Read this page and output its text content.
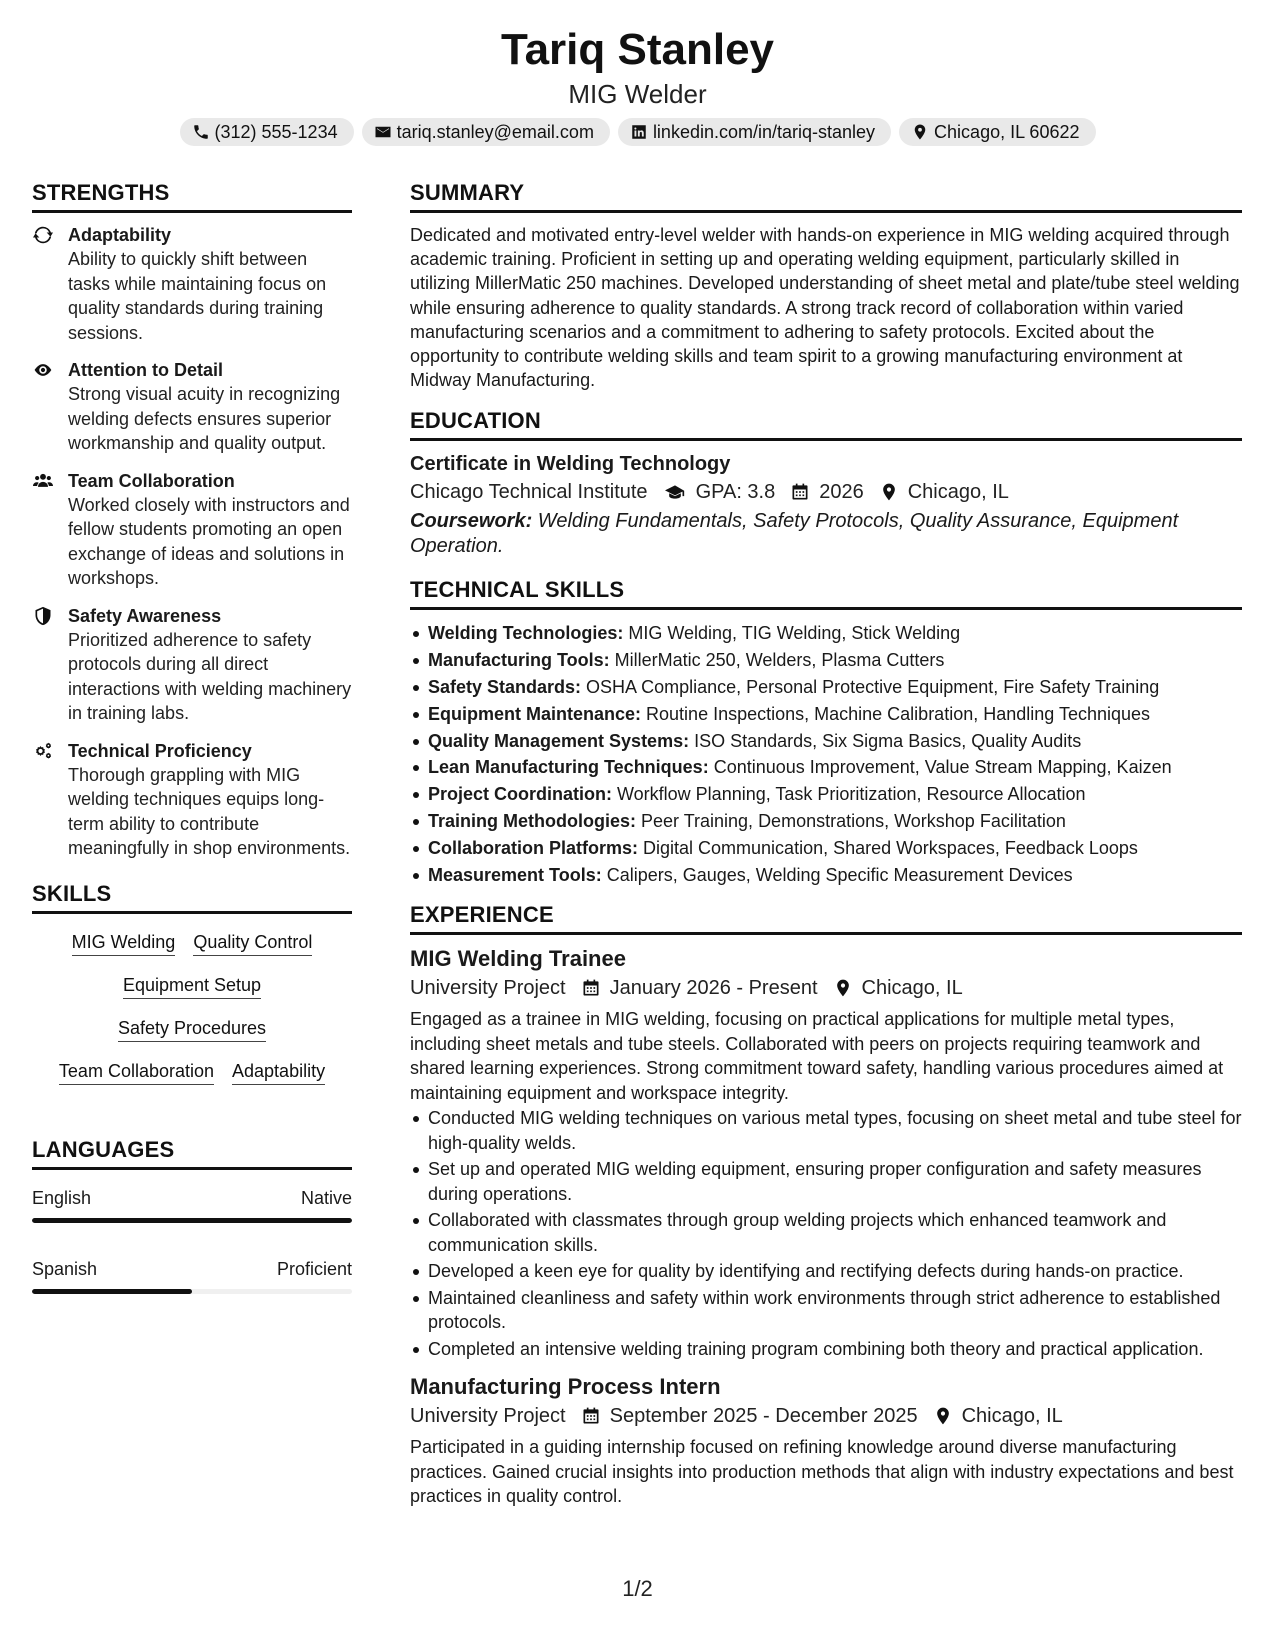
Tariq Stanley
MIG Welder
(312) 555-1234	tariq.stanley@email.com	linkedin.com/in/tariq-stanley	Chicago, IL 60622
STRENGTHS
Adaptability
Ability to quickly shift between tasks while maintaining focus on quality standards during training sessions.
Attention to Detail
Strong visual acuity in recognizing welding defects ensures superior workmanship and quality output.
Team Collaboration
Worked closely with instructors and fellow students promoting an open exchange of ideas and solutions in workshops.
Safety Awareness
Prioritized adherence to safety protocols during all direct interactions with welding machinery in training labs.
Technical Proficiency
Thorough grappling with MIG welding techniques equips long-term ability to contribute meaningfully in shop environments.
SKILLS
MIG Welding Quality Control
Equipment Setup
Safety Procedures
Team Collaboration Adaptability
LANGUAGES
English	Native
Spanish	Proficient
SUMMARY
Dedicated and motivated entry-level welder with hands-on experience in MIG welding acquired through academic training. Proficient in setting up and operating welding equipment, particularly skilled in utilizing MillerMatic 250 machines. Developed understanding of sheet metal and plate/tube steel welding while ensuring adherence to quality standards. A strong track record of collaboration within varied manufacturing scenarios and a commitment to adhering to safety protocols. Excited about the opportunity to contribute welding skills and team spirit to a growing manufacturing environment at Midway Manufacturing.
EDUCATION
Certificate in Welding Technology
Chicago Technical Institute GPA: 3.8 2026 Chicago, IL
Coursework: Welding Fundamentals, Safety Protocols, Quality Assurance, Equipment Operation.
TECHNICAL SKILLS
Welding Technologies: MIG Welding, TIG Welding, Stick Welding
Manufacturing Tools: MillerMatic 250, Welders, Plasma Cutters
Safety Standards: OSHA Compliance, Personal Protective Equipment, Fire Safety Training
Equipment Maintenance: Routine Inspections, Machine Calibration, Handling Techniques
Quality Management Systems: ISO Standards, Six Sigma Basics, Quality Audits
Lean Manufacturing Techniques: Continuous Improvement, Value Stream Mapping, Kaizen
Project Coordination: Workflow Planning, Task Prioritization, Resource Allocation
Training Methodologies: Peer Training, Demonstrations, Workshop Facilitation
Collaboration Platforms: Digital Communication, Shared Workspaces, Feedback Loops
Measurement Tools: Calipers, Gauges, Welding Specific Measurement Devices
EXPERIENCE
MIG Welding Trainee
University Project January 2026 - Present Chicago, IL
Engaged as a trainee in MIG welding, focusing on practical applications for multiple metal types, including sheet metals and tube steels. Collaborated with peers on projects requiring teamwork and shared learning experiences. Strong commitment toward safety, handling various procedures aimed at maintaining equipment and workspace integrity.
Conducted MIG welding techniques on various metal types, focusing on sheet metal and tube steel for high-quality welds.
Set up and operated MIG welding equipment, ensuring proper configuration and safety measures during operations.
Collaborated with classmates through group welding projects which enhanced teamwork and communication skills.
Developed a keen eye for quality by identifying and rectifying defects during hands-on practice.
Maintained cleanliness and safety within work environments through strict adherence to established protocols.
Completed an intensive welding training program combining both theory and practical application.
Manufacturing Process Intern
University Project September 2025 - December 2025 Chicago, IL
Participated in a guiding internship focused on refining knowledge around diverse manufacturing practices. Gained crucial insights into production methods that align with industry expectations and best practices in quality control.
1/2
